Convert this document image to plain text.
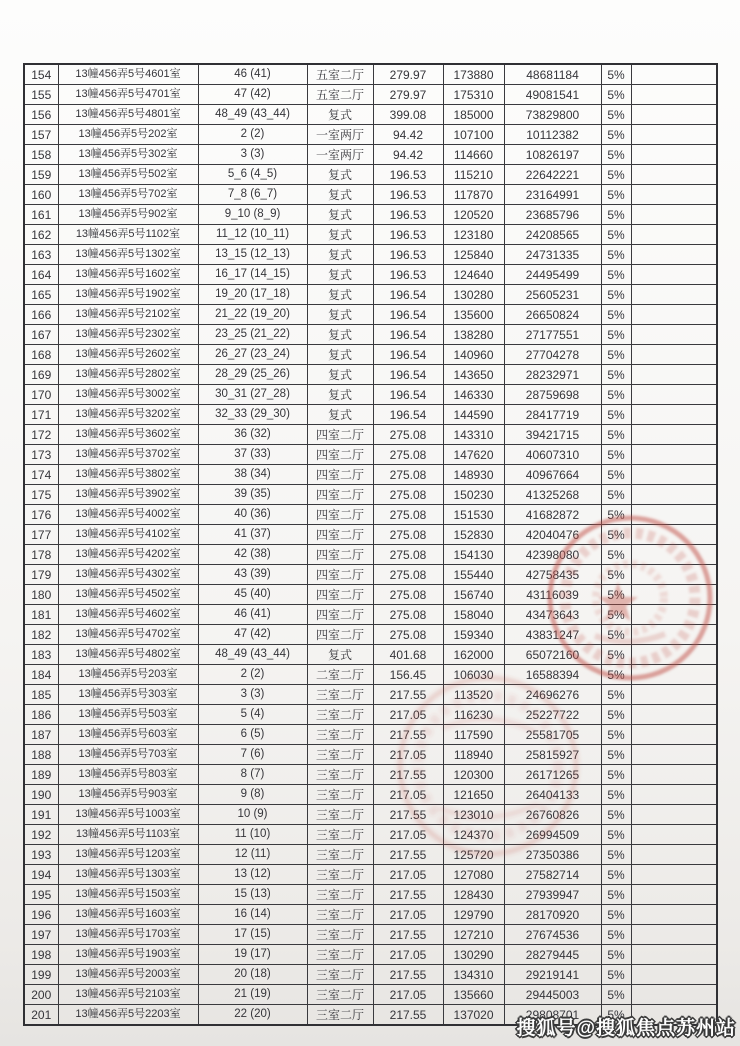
154	13幢456弄5号4601室	46 (41)	五室二厅	279.97	173880	48681184	5%	
155	13幢456弄5号4701室	47 (42)	五室二厅	279.97	175310	49081541	5%	
156	13幢456弄5号4801室	48_49 (43_44)	复式	399.08	185000	73829800	5%	
157	13幢456弄5号202室	2 (2)	一室两厅	94.42	107100	10112382	5%	
158	13幢456弄5号302室	3 (3)	一室两厅	94.42	114660	10826197	5%	
159	13幢456弄5号502室	5_6 (4_5)	复式	196.53	115210	22642221	5%	
160	13幢456弄5号702室	7_8 (6_7)	复式	196.53	117870	23164991	5%	
161	13幢456弄5号902室	9_10 (8_9)	复式	196.53	120520	23685796	5%	
162	13幢456弄5号1102室	11_12 (10_11)	复式	196.53	123180	24208565	5%	
163	13幢456弄5号1302室	13_15 (12_13)	复式	196.53	125840	24731335	5%	
164	13幢456弄5号1602室	16_17 (14_15)	复式	196.53	124640	24495499	5%	
165	13幢456弄5号1902室	19_20 (17_18)	复式	196.54	130280	25605231	5%	
166	13幢456弄5号2102室	21_22 (19_20)	复式	196.54	135600	26650824	5%	
167	13幢456弄5号2302室	23_25 (21_22)	复式	196.54	138280	27177551	5%	
168	13幢456弄5号2602室	26_27 (23_24)	复式	196.54	140960	27704278	5%	
169	13幢456弄5号2802室	28_29 (25_26)	复式	196.54	143650	28232971	5%	
170	13幢456弄5号3002室	30_31 (27_28)	复式	196.54	146330	28759698	5%	
171	13幢456弄5号3202室	32_33 (29_30)	复式	196.54	144590	28417719	5%	
172	13幢456弄5号3602室	36 (32)	四室二厅	275.08	143310	39421715	5%	
173	13幢456弄5号3702室	37 (33)	四室二厅	275.08	147620	40607310	5%	
174	13幢456弄5号3802室	38 (34)	四室二厅	275.08	148930	40967664	5%	
175	13幢456弄5号3902室	39 (35)	四室二厅	275.08	150230	41325268	5%	
176	13幢456弄5号4002室	40 (36)	四室二厅	275.08	151530	41682872	5%	
177	13幢456弄5号4102室	41 (37)	四室二厅	275.08	152830	42040476	5%	
178	13幢456弄5号4202室	42 (38)	四室二厅	275.08	154130	42398080	5%	
179	13幢456弄5号4302室	43 (39)	四室二厅	275.08	155440	42758435	5%	
180	13幢456弄5号4502室	45 (40)	四室二厅	275.08	156740	43116039	5%	
181	13幢456弄5号4602室	46 (41)	四室二厅	275.08	158040	43473643	5%	
182	13幢456弄5号4702室	47 (42)	四室二厅	275.08	159340	43831247	5%	
183	13幢456弄5号4802室	48_49 (43_44)	复式	401.68	162000	65072160	5%	
184	13幢456弄5号203室	2 (2)	二室二厅	156.45	106030	16588394	5%	
185	13幢456弄5号303室	3 (3)	三室二厅	217.55	113520	24696276	5%	
186	13幢456弄5号503室	5 (4)	三室二厅	217.05	116230	25227722	5%	
187	13幢456弄5号603室	6 (5)	三室二厅	217.55	117590	25581705	5%	
188	13幢456弄5号703室	7 (6)	三室二厅	217.05	118940	25815927	5%	
189	13幢456弄5号803室	8 (7)	三室二厅	217.55	120300	26171265	5%	
190	13幢456弄5号903室	9 (8)	三室二厅	217.05	121650	26404133	5%	
191	13幢456弄5号1003室	10 (9)	三室二厅	217.55	123010	26760826	5%	
192	13幢456弄5号1103室	11 (10)	三室二厅	217.05	124370	26994509	5%	
193	13幢456弄5号1203室	12 (11)	三室二厅	217.55	125720	27350386	5%	
194	13幢456弄5号1303室	13 (12)	三室二厅	217.05	127080	27582714	5%	
195	13幢456弄5号1503室	15 (13)	三室二厅	217.55	128430	27939947	5%	
196	13幢456弄5号1603室	16 (14)	三室二厅	217.05	129790	28170920	5%	
197	13幢456弄5号1703室	17 (15)	三室二厅	217.55	127210	27674536	5%	
198	13幢456弄5号1903室	19 (17)	三室二厅	217.05	130290	28279445	5%	
199	13幢456弄5号2003室	20 (18)	三室二厅	217.55	134310	29219141	5%	
200	13幢456弄5号2103室	21 (19)	三室二厅	217.05	135660	29445003	5%	
201	13幢456弄5号2203室	22 (20)	三室二厅	217.55	137020	29808701	5%	
搜狐号@搜狐焦点苏州站
